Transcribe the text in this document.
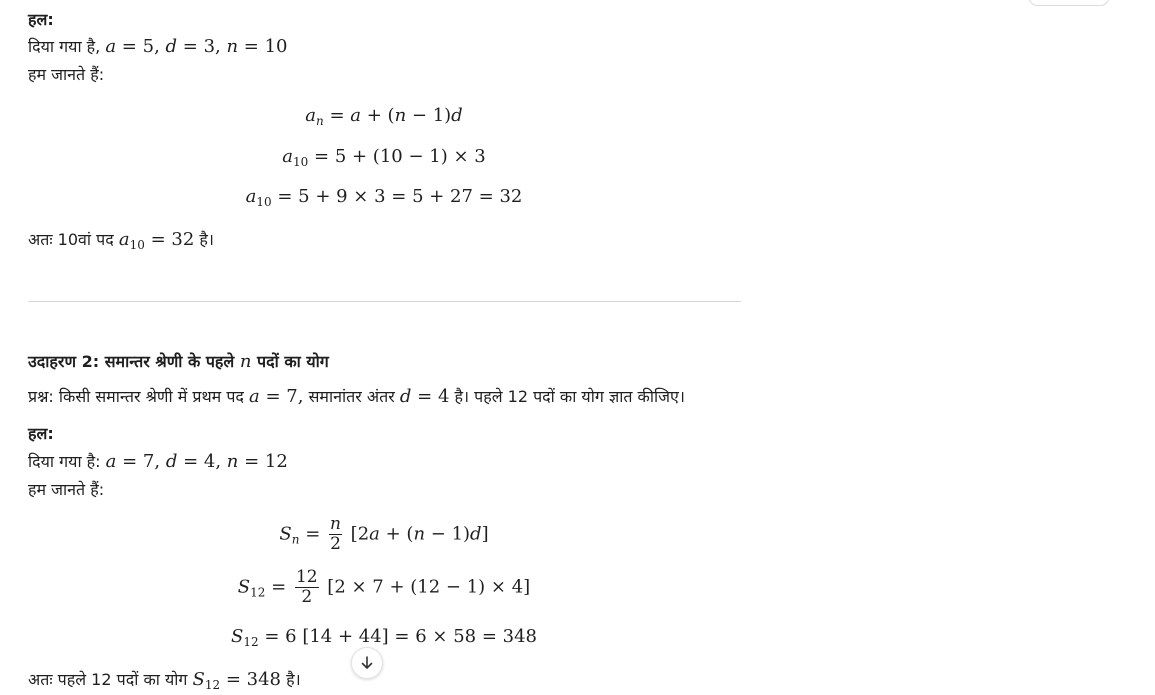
हल:
दिया गया है, a = 5, d = 3, n = 10
हम जानते हैं:
$a_n = a + (n - 1)d$
$a_{10} = 5 + (10 - 1) \times 3$
$a_{10} = 5 + 9 \times 3 = 5 + 27 = 32$
अतः 10वां पद $a_{10} = 32$ है।
उदाहरण 2: समान्तर श्रेणी के पहले n पदों का योग
प्रश्न: किसी समान्तर श्रेणी में प्रथम पद a = 7, समानांतर अंतर d = 4 है। पहले 12 पदों का योग ज्ञात कीजिए।
हल:
दिया गया है: a = 7, d = 4, n = 12
हम जानते हैं:
$S_n = \frac{n}{2} [2a + (n - 1)d]$
$S_{12} = \frac{12}{2} [2 \times 7 + (12 - 1) \times 4]$
$S_{12} = 6$ [14 + 44] = 6 × 58 = 348
अतः पहले 12 पदों का योग $S_{12} = 348$ है।
